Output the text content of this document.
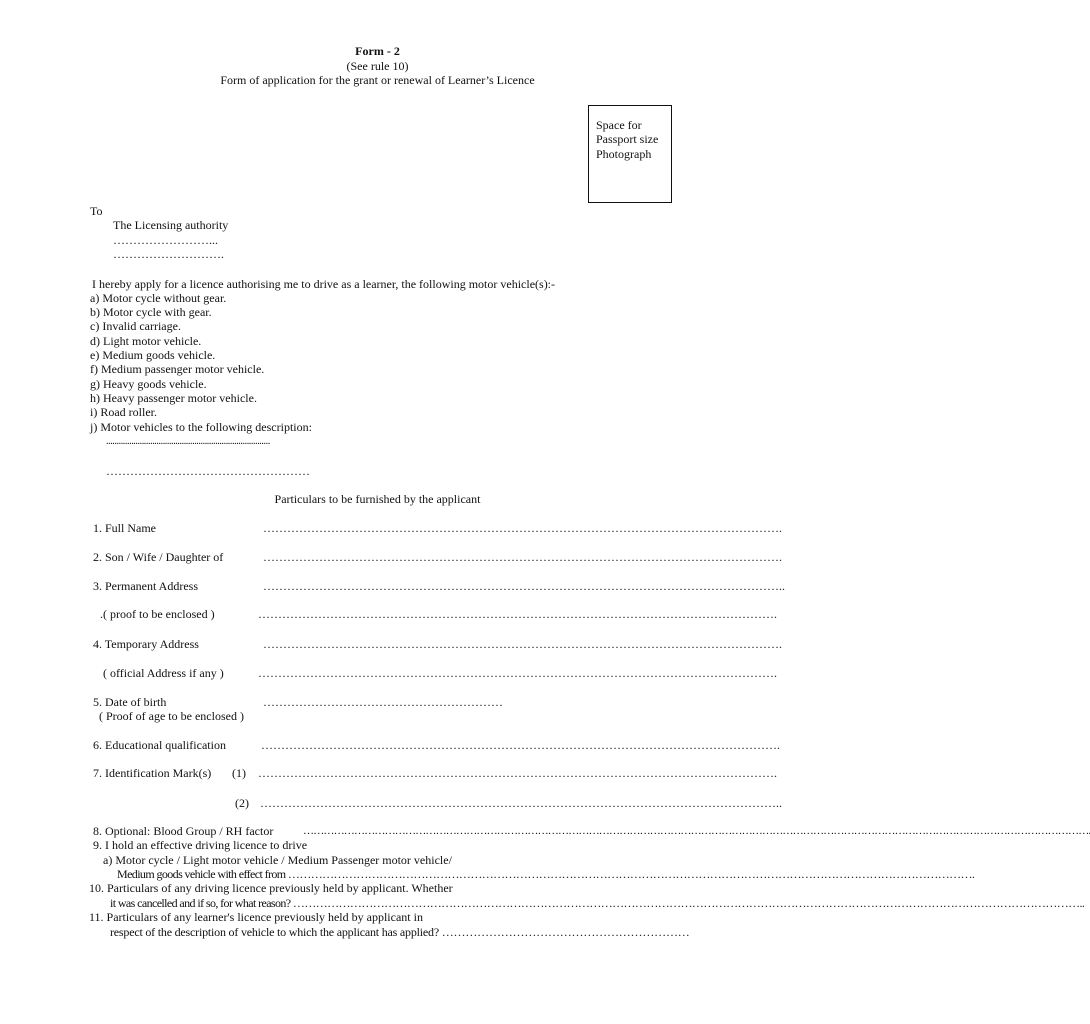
Form - 2
(See rule 10)
Form of application for the grant or renewal of Learner’s Licence
Space for
Passport size
Photograph
To
The Licensing authority
……………………...
……………………….
I hereby apply for a licence authorising me to drive as a learner, the following motor vehicle(s):-
a) Motor cycle without gear.
b) Motor cycle with gear.
c) Invalid carriage.
d) Light motor vehicle.
e) Medium goods vehicle.
f) Medium passenger motor vehicle.
g) Heavy goods vehicle.
h) Heavy passenger motor vehicle.
i) Road roller.
j) Motor vehicles to the following description:
..............................................................................
……………………………………………
Particulars to be furnished by the applicant
1. Full Name	………………………………………………………………………………………………………………….
2. Son / Wife / Daughter of	………………………………………………………………………………………………………………….
3. Permanent Address	…………………………………………………………………………………………………………………..
.( proof to be enclosed )	………………………………………………………………………………………………………………….
4. Temporary Address	………………………………………………………………………………………………………………….
( official Address if any )	………………………………………………………………………………………………………………….
5. Date of birth	……………………………………………………
( Proof of age to be enclosed )
6. Educational qualification	………………………………………………………………………………………………………………….
7. Identification Mark(s) (1) ………………………………………………………………………………………………………………….
(2) …………………………………………………………………………………………………………………..
8. Optional: Blood Group / RH factor	…………………………………………………………………………………………………………………………………………………………………………………………………………….
9. I hold an effective driving licence to drive
a) Motor cycle / Light motor vehicle / Medium Passenger motor vehicle/
Medium goods vehicle with effect from ……………………………………………………………………………………………………………………………………………………………….
10. Particulars of any driving licence previously held by applicant. Whether
it was cancelled and if so, for what reason? ………………………………………………………………………………………………………………………………………………………………………………………..
11. Particulars of any learner's licence previously held by applicant in
respect of the description of vehicle to which the applicant has applied? ………………………………………………………
